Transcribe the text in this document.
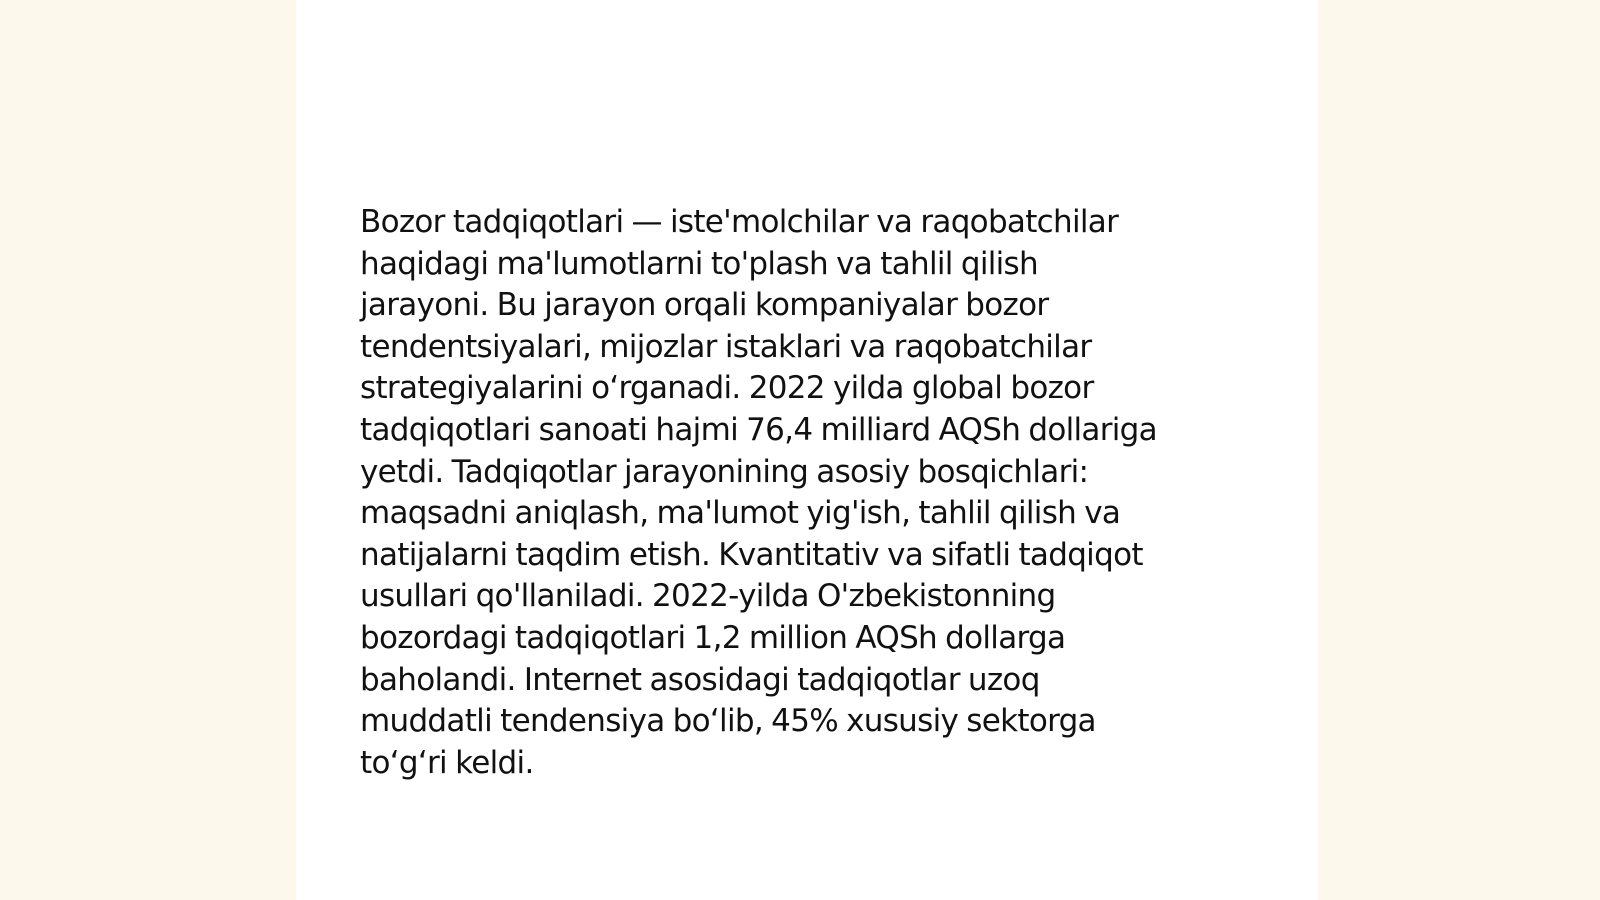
Bozor tadqiqotlari — iste'molchilar va raqobatchilar
haqidagi ma'lumotlarni to'plash va tahlil qilish
jarayoni. Bu jarayon orqali kompaniyalar bozor
tendentsiyalari, mijozlar istaklari va raqobatchilar
strategiyalarini o‘rganadi. 2022 yilda global bozor
tadqiqotlari sanoati hajmi 76,4 milliard AQSh dollariga
yetdi. Tadqiqotlar jarayonining asosiy bosqichlari:
maqsadni aniqlash, ma'lumot yig'ish, tahlil qilish va
natijalarni taqdim etish. Kvantitativ va sifatli tadqiqot
usullari qo'llaniladi. 2022-yilda O'zbekistonning
bozordagi tadqiqotlari 1,2 million AQSh dollarga
baholandi. Internet asosidagi tadqiqotlar uzoq
muddatli tendensiya bo‘lib, 45% xususiy sektorga
to‘g‘ri keldi.
